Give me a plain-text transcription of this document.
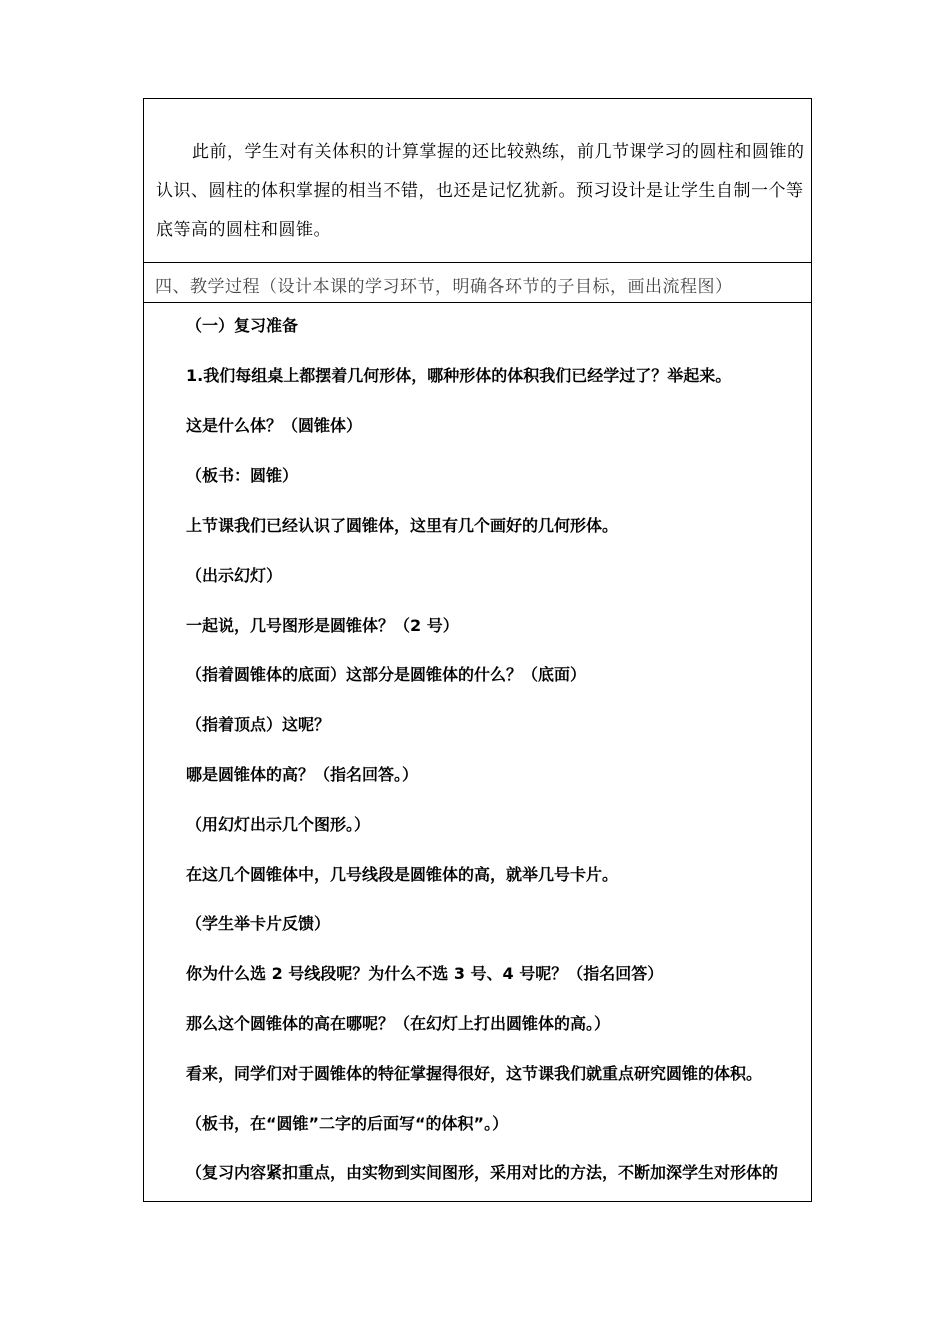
此前，学生对有关体积的计算掌握的还比较熟练，前几节课学习的圆柱和圆锥的认识、圆柱的体积掌握的相当不错，也还是记忆犹新。预习设计是让学生自制一个等底等高的圆柱和圆锥。

四、教学过程（设计本课的学习环节，明确各环节的子目标，画出流程图）

（一）复习准备

1.我们每组桌上都摆着几何形体，哪种形体的体积我们已经学过了？举起来。

这是什么体？（圆锥体）

（板书：圆锥）

上节课我们已经认识了圆锥体，这里有几个画好的几何形体。

（出示幻灯）

一起说，几号图形是圆锥体？（2 号）

（指着圆锥体的底面）这部分是圆锥体的什么？（底面）

（指着顶点）这呢？

哪是圆锥体的高？（指名回答。）

（用幻灯出示几个图形。）

在这几个圆锥体中，几号线段是圆锥体的高，就举几号卡片。

（学生举卡片反馈）

你为什么选 2 号线段呢？为什么不选 3 号、4 号呢？（指名回答）

那么这个圆锥体的高在哪呢？（在幻灯上打出圆锥体的高。）

看来，同学们对于圆锥体的特征掌握得很好，这节课我们就重点研究圆锥的体积。

（板书，在“圆锥”二字的后面写“的体积”。）

（复习内容紧扣重点，由实物到实间图形，采用对比的方法，不断加深学生对形体的
